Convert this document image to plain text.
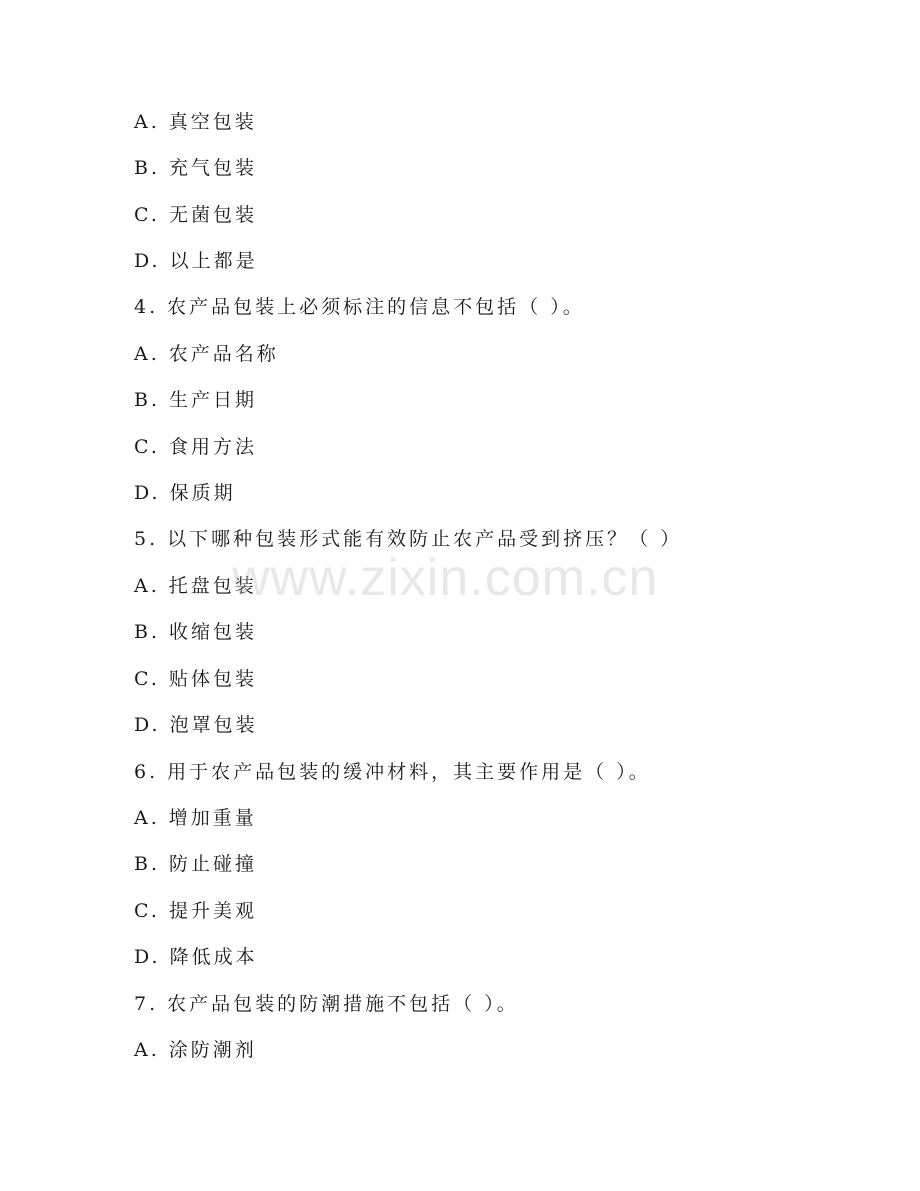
A. 真空包装
B. 充气包装
C. 无菌包装
D. 以上都是
4. 农产品包装上必须标注的信息不包括（ ）。
A. 农产品名称
B. 生产日期
C. 食用方法
D. 保质期
5. 以下哪种包装形式能有效防止农产品受到挤压？（ ）
A. 托盘包装
B. 收缩包装
C. 贴体包装
D. 泡罩包装
6. 用于农产品包装的缓冲材料，其主要作用是（ ）。
A. 增加重量
B. 防止碰撞
C. 提升美观
D. 降低成本
7. 农产品包装的防潮措施不包括（ ）。
A. 涂防潮剂
www.zixin.com.cn
